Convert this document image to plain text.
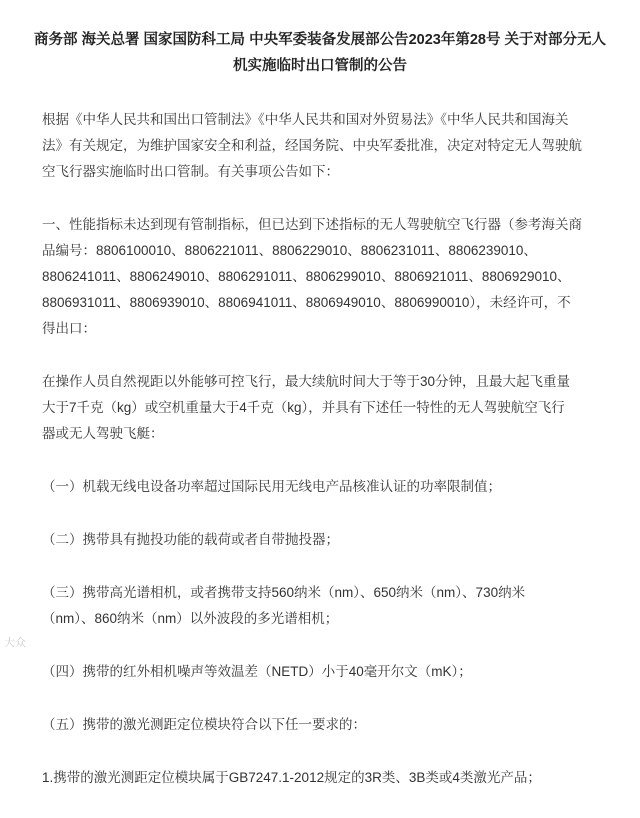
商务部 海关总署 国家国防科工局 中央军委装备发展部公告2023年第28号 关于对部分无人
机实施临时出口管制的公告
根据《中华人民共和国出口管制法》《中华人民共和国对外贸易法》《中华人民共和国海关
法》有关规定，为维护国家安全和利益，经国务院、中央军委批准，决定对特定无人驾驶航
空飞行器实施临时出口管制。有关事项公告如下：
一、性能指标未达到现有管制指标，但已达到下述指标的无人驾驶航空飞行器（参考海关商
品编号：8806100010、8806221011、8806229010、8806231011、8806239010、
8806241011、8806249010、8806291011、8806299010、8806921011、8806929010、
8806931011、8806939010、8806941011、8806949010、8806990010），未经许可，不
得出口：
在操作人员自然视距以外能够可控飞行，最大续航时间大于等于30分钟，且最大起飞重量
大于7千克（kg）或空机重量大于4千克（kg），并具有下述任一特性的无人驾驶航空飞行
器或无人驾驶飞艇：
（一）机载无线电设备功率超过国际民用无线电产品核准认证的功率限制值；
（二）携带具有抛投功能的载荷或者自带抛投器；
（三）携带高光谱相机，或者携带支持560纳米（nm）、650纳米（nm）、730纳米
（nm）、860纳米（nm）以外波段的多光谱相机；
（四）携带的红外相机噪声等效温差（NETD）小于40毫开尔文（mK）；
（五）携带的激光测距定位模块符合以下任一要求的：
1.携带的激光测距定位模块属于GB7247.1-2012规定的3R类、3B类或4类激光产品；
大众
